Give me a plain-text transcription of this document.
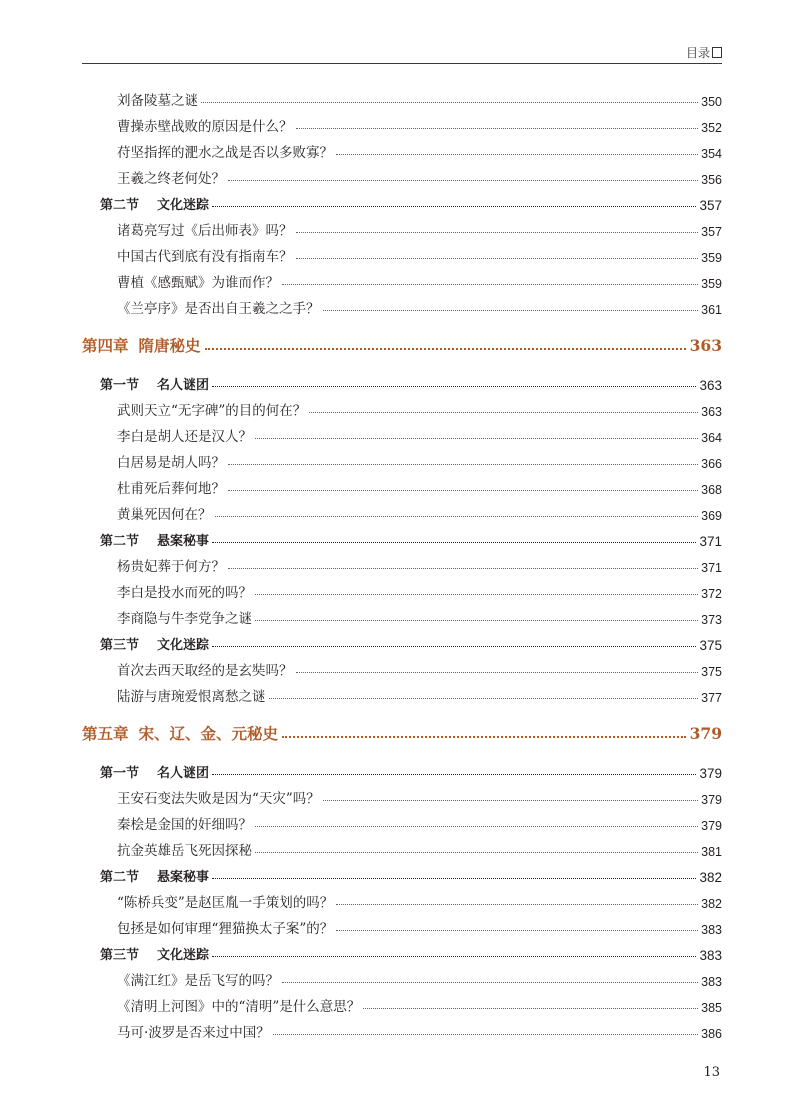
目录
刘备陵墓之谜	350
曹操赤壁战败的原因是什么？	352
苻坚指挥的淝水之战是否以多败寡？	354
王羲之终老何处？	356
第二节 文化迷踪	357
诸葛亮写过《后出师表》吗？	357
中国古代到底有没有指南车？	359
曹植《感甄赋》为谁而作？	359
《兰亭序》是否出自王羲之之手？	361
第四章 隋唐秘史	363
第一节 名人谜团	363
武则天立“无字碑”的目的何在？	363
李白是胡人还是汉人？	364
白居易是胡人吗？	366
杜甫死后葬何地？	368
黄巢死因何在？	369
第二节 悬案秘事	371
杨贵妃葬于何方？	371
李白是投水而死的吗？	372
李商隐与牛李党争之谜	373
第三节 文化迷踪	375
首次去西天取经的是玄奘吗？	375
陆游与唐琬爱恨离愁之谜	377
第五章 宋、辽、金、元秘史	379
第一节 名人谜团	379
王安石变法失败是因为“天灾”吗？	379
秦桧是金国的奸细吗？	379
抗金英雄岳飞死因探秘	381
第二节 悬案秘事	382
“陈桥兵变”是赵匡胤一手策划的吗？	382
包拯是如何审理“狸猫换太子案”的？	383
第三节 文化迷踪	383
《满江红》是岳飞写的吗？	383
《清明上河图》中的“清明”是什么意思？	385
马可·波罗是否来过中国？	386
13
